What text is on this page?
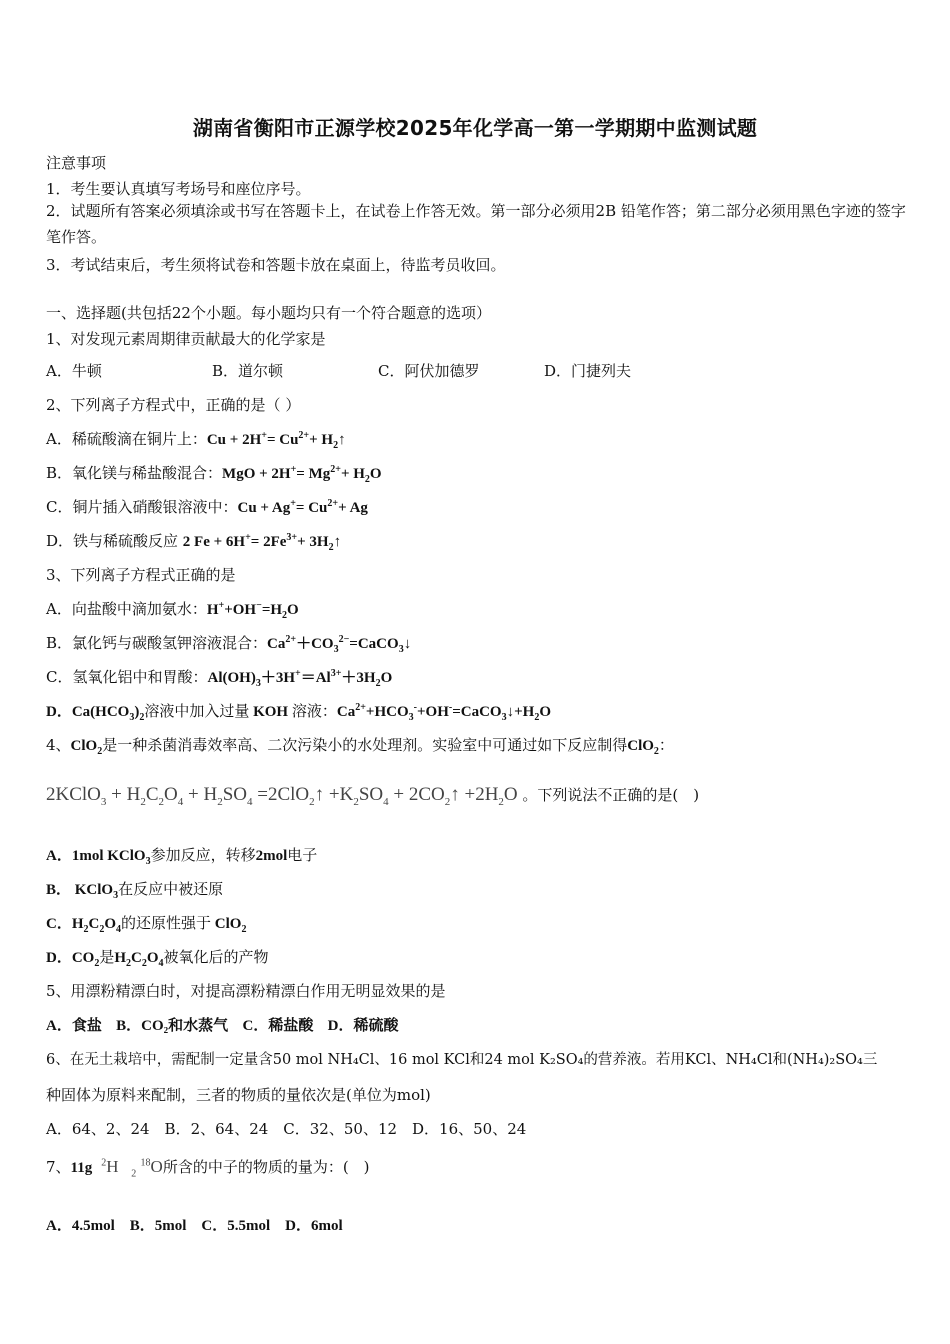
湖南省衡阳市正源学校2025年化学高一第一学期期中监测试题
注意事项
1．考生要认真填写考场号和座位序号。
2．试题所有答案必须填涂或书写在答题卡上，在试卷上作答无效。第一部分必须用2B 铅笔作答；第二部分必须用黑色字迹的签字笔作答。
3．考试结束后，考生须将试卷和答题卡放在桌面上，待监考员收回。
一、选择题(共包括22个小题。每小题均只有一个符合题意的选项）
1、对发现元素周期律贡献最大的化学家是
A．牛顿	B．道尔顿	C．阿伏加德罗	D．门捷列夫
2、下列离子方程式中，正确的是（ ）
A．稀硫酸滴在铜片上：$Cu + 2H^+= Cu^{2+}+$ $H_2↑$
B．氧化镁与稀盐酸混合：MgO + $2H^+= Mg^{2+}+ H_2O$
C．铜片插入硝酸银溶液中：$Cu + Ag^+= Cu^{2+}+ Ag$
D．铁与稀硫酸反应 2 $Fe + 6H^+= 2Fe^{3+}+$ $3H_2↑$
3、下列离子方程式正确的是
A．向盐酸中滴加氨水：$H^++OH^-=H_2O$
B．氯化钙与碳酸氢钾溶液混合：$Ca^{2+}+CO_3^{2-}=CaCO_3↓$
C．氢氧化铝中和胃酸：$Al(OH)_3+3H^+=Al^{3+}+3H_2O$
D．$Ca(HCO_3)_2$溶液中加入过量 KOH 溶液：$Ca^{2+}+HCO_3^-+OH^-=CaCO_3↓+H_2O$
4、ClO$_2$是一种杀菌消毒效率高、二次污染小的水处理剂。实验室中可通过如下反应制得ClO$_2$：
2KClO$_3$ + $H_2C_2O_4 + H_2SO_4$ =2ClO$_2$↑ $+K_2SO_4$ + $2CO_2↑ +2H_2O$ 。下列说法不正确的是(　)
A．1mol KClO$_3$参加反应，转移2mol电子
B． KClO$_3$在反应中被还原
C．$H_2C_2O_4$的还原性强于 ClO$_2$
D．$CO_2$是$H_2C_2O_4$被氧化后的产物
5、用漂粉精漂白时，对提高漂粉精漂白作用无明显效果的是
A．食盐 B．CO₂和水蒸气 C．稀盐酸 D．稀硫酸
6、在无土栽培中，需配制一定量含50 mol NH₄Cl、16 mol KCl和24 mol K₂SO₄的营养液。若用KCl、NH₄Cl和(NH₄)₂SO₄三
种固体为原料来配制，三者的物质的量依次是(单位为mol)
A．64、2、24　B．2、64、24　C．32、50、12　D．16、50、24
7、11g $^2$H   $_2$ $^{18}$O所含的中子的物质的量为：(　)
A．4.5mol　B．5mol　C．5.5mol　D．6mol
